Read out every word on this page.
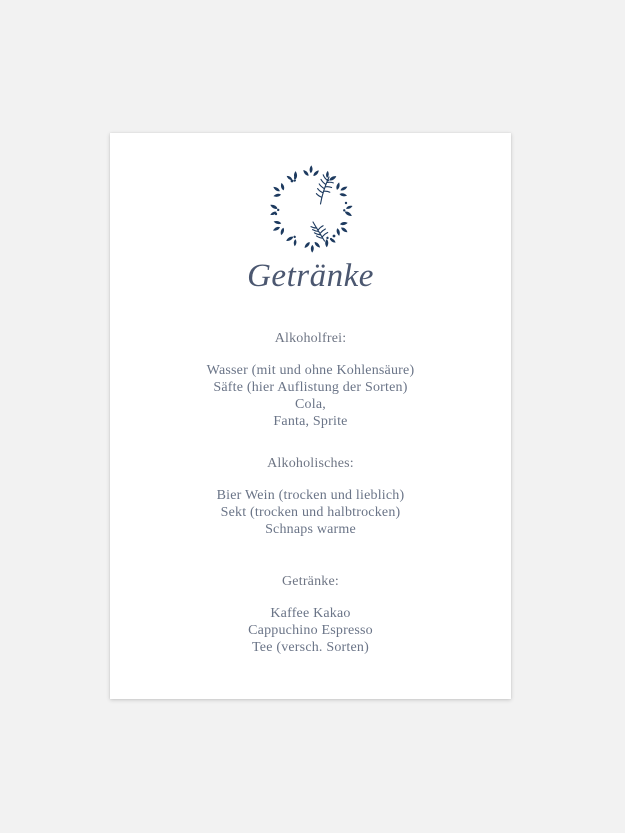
Getränke

Alkoholfrei:

Wasser (mit und ohne Kohlensäure)

Säfte (hier Auflistung der Sorten)

Cola,

Fanta, Sprite

Alkoholisches:

Bier Wein (trocken und lieblich)

Sekt (trocken und halbtrocken)

Schnaps warme

Getränke:

Kaffee Kakao

Cappuchino Espresso

Tee (versch. Sorten)
